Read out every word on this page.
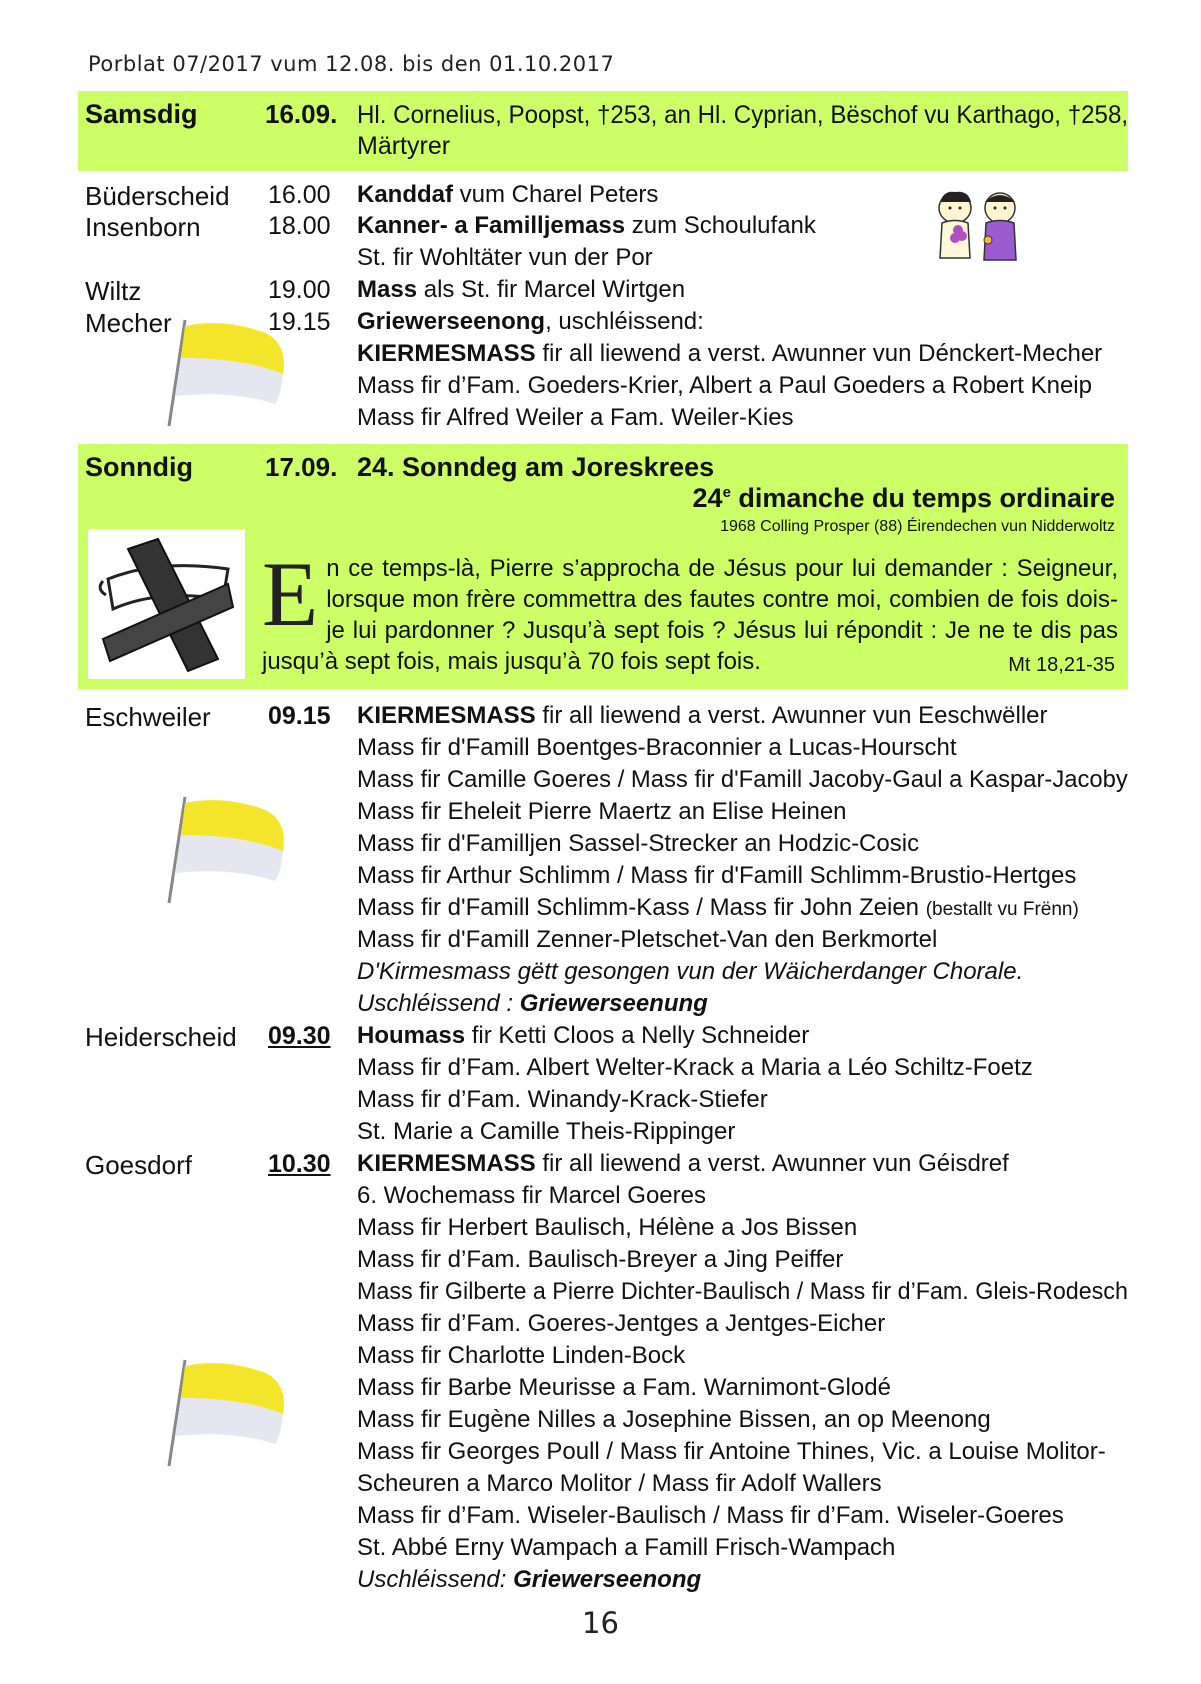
Porblat 07/2017 vum 12.08. bis den 01.10.2017
Samsdig	16.09. Hl. Cornelius, Poopst, †253, an Hl. Cyprian, Bëschof vu Karthago, †258,
Märtyrer
Büderscheid 16.00 Kanddaf vum Charel Peters
Insenborn	18.00 Kanner- a Familljemass zum Schoulufank
St. fir Wohltäter vun der Por
Wiltz	19.00 Mass als St. fir Marcel Wirtgen
Mecher	19.15 Griewerseenong, uschléissend:
KIERMESMASS fir all liewend a verst. Awunner vun Dénckert-Mecher
Mass fir d’Fam. Goeders-Krier, Albert a Paul Goeders a Robert Kneip
Mass fir Alfred Weiler a Fam. Weiler-Kies
Sonndig	17.09. 24. Sonndeg am Joreskrees
24e dimanche du temps ordinaire
1968 Colling Prosper (88) Éirendechen vun Nidderwoltz
En ce temps-là, Pierre s’approcha de Jésus pour lui demander : Seigneur, lorsque mon frère commettra des fautes contre moi, combien de fois dois-je lui pardonner ? Jusqu’à sept fois ? Jésus lui répondit : Je ne te dis pas jusqu’à sept fois, mais jusqu’à 70 fois sept fois.	Mt 18,21-35
Eschweiler 09.15 KIERMESMASS fir all liewend a verst. Awunner vun Eeschwëller
Mass fir d'Famill Boentges-Braconnier a Lucas-Hourscht
Mass fir Camille Goeres / Mass fir d'Famill Jacoby-Gaul a Kaspar-Jacoby
Mass fir Eheleit Pierre Maertz an Elise Heinen
Mass fir d'Familljen Sassel-Strecker an Hodzic-Cosic
Mass fir Arthur Schlimm / Mass fir d'Famill Schlimm-Brustio-Hertges
Mass fir d'Famill Schlimm-Kass / Mass fir John Zeien (bestallt vu Frënn)
Mass fir d'Famill Zenner-Pletschet-Van den Berkmortel
D'Kirmesmass gëtt gesongen vun der Wäicherdanger Chorale.
Uschléissend : Griewerseenung
Heiderscheid 09.30 Houmass fir Ketti Cloos a Nelly Schneider
Mass fir d’Fam. Albert Welter-Krack a Maria a Léo Schiltz-Foetz
Mass fir d’Fam. Winandy-Krack-Stiefer
St. Marie a Camille Theis-Rippinger
Goesdorf	10.30 KIERMESMASS fir all liewend a verst. Awunner vun Géisdref
6. Wochemass fir Marcel Goeres
Mass fir Herbert Baulisch, Hélène a Jos Bissen
Mass fir d’Fam. Baulisch-Breyer a Jing Peiffer
Mass fir Gilberte a Pierre Dichter-Baulisch / Mass fir d’Fam. Gleis-Rodesch
Mass fir d’Fam. Goeres-Jentges a Jentges-Eicher
Mass fir Charlotte Linden-Bock
Mass fir Barbe Meurisse a Fam. Warnimont-Glodé
Mass fir Eugène Nilles a Josephine Bissen, an op Meenong
Mass fir Georges Poull / Mass fir Antoine Thines, Vic. a Louise Molitor-
Scheuren a Marco Molitor / Mass fir Adolf Wallers
Mass fir d’Fam. Wiseler-Baulisch / Mass fir d’Fam. Wiseler-Goeres
St. Abbé Erny Wampach a Famill Frisch-Wampach
Uschléissend: Griewerseenong
16
